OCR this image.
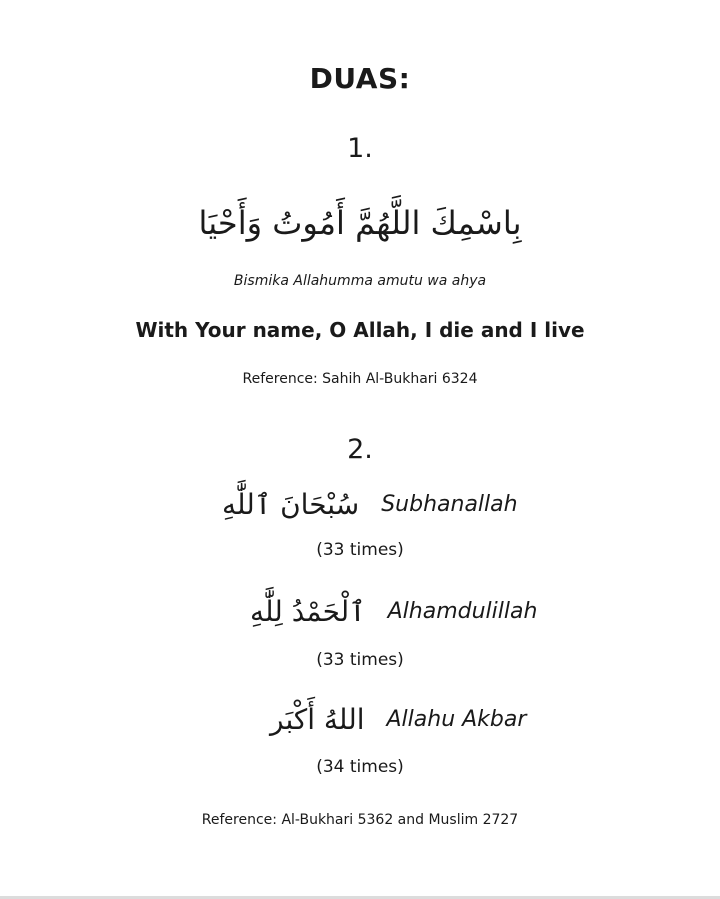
DUAS:
1.
بِاسْمِكَ اللَّهُمَّ أَمُوتُ وَأَحْيَا
Bismika Allahumma amutu wa ahya
With Your name, O Allah, I die and I live
Reference: Sahih Al-Bukhari 6324
2.
سُبْحَانَ ٱللَّٰهِ Subhanallah
(33 times)
ٱلْحَمْدُ لِلَّٰهِ Alhamdulillah
(33 times)
اللهُ أَكْبَر Allahu Akbar
(34 times)
Reference: Al-Bukhari 5362 and Muslim 2727
